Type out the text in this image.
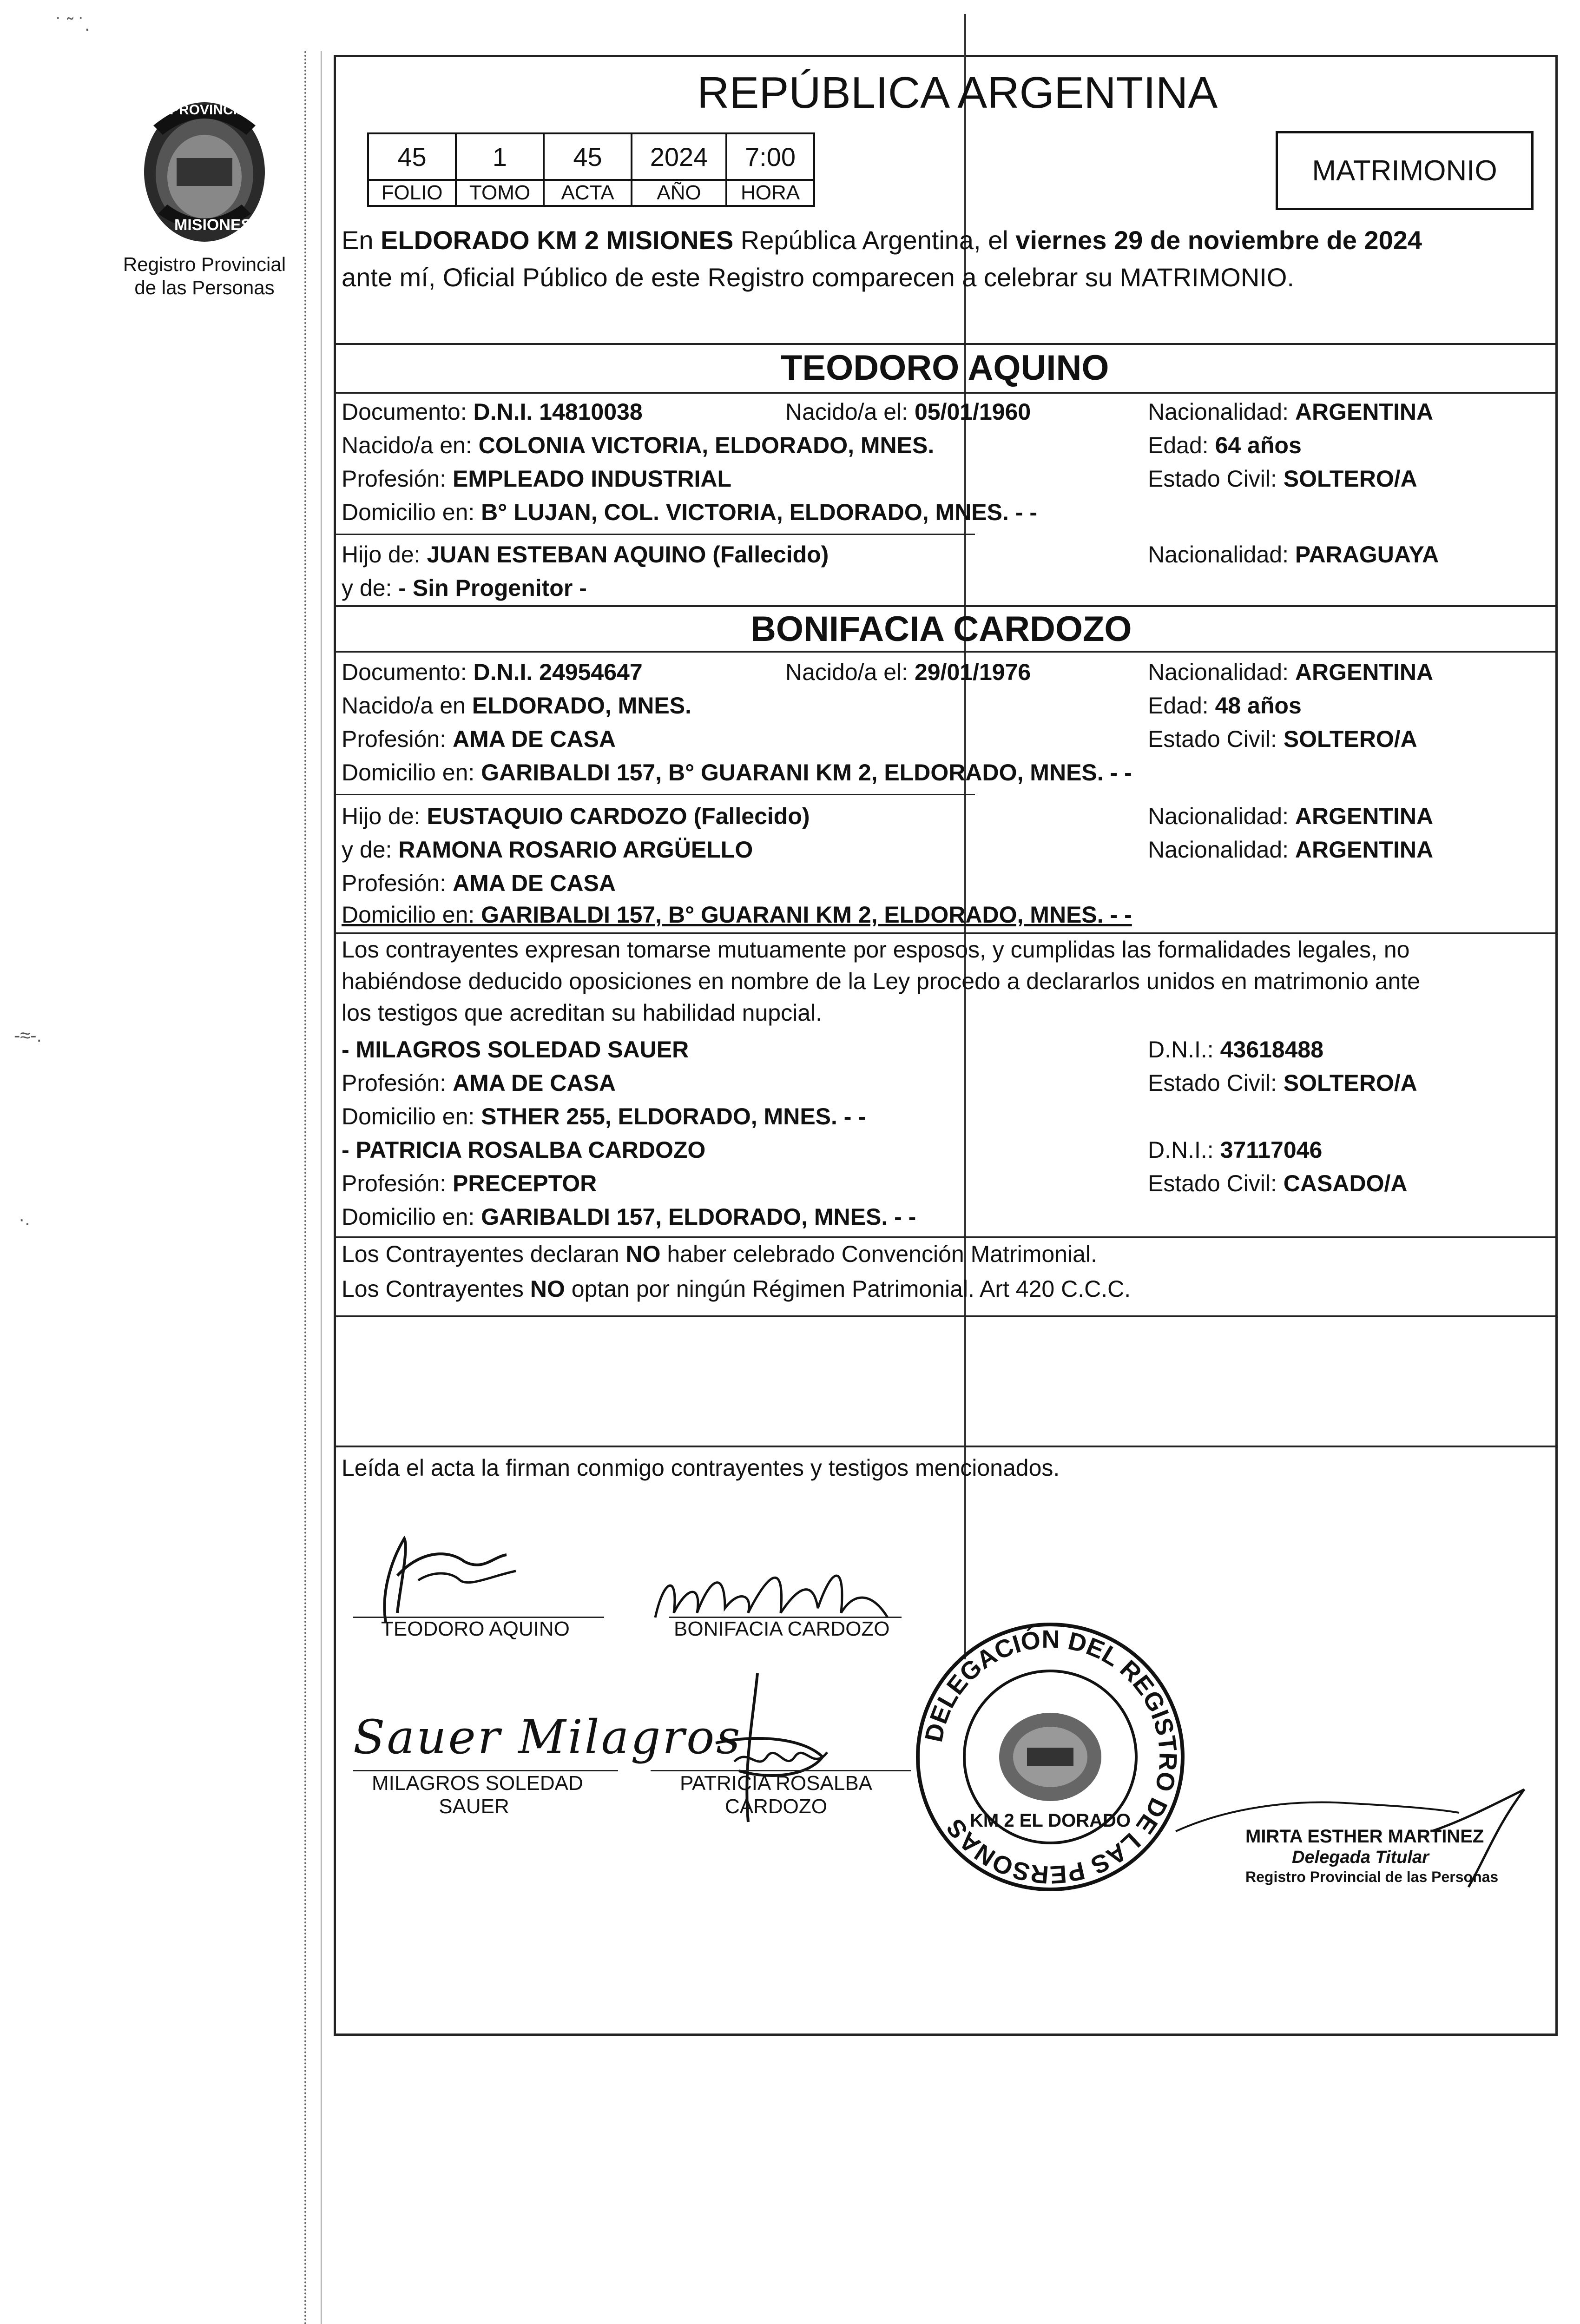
PROVINCIA DE
MISIONES
Registro Provincial
de las Personas
REPÚBLICA ARGENTINA
45	1	45	2024	7:00
FOLIO	TOMO	ACTA	AÑO	HORA
MATRIMONIO
En ELDORADO KM 2 MISIONES República Argentina, el viernes 29 de noviembre de 2024
ante mí, Oficial Público de este Registro comparecen a celebrar su MATRIMONIO.
TEODORO AQUINO
Documento: D.N.I. 14810038	Nacido/a el: 05/01/1960	Nacionalidad: ARGENTINA
Nacido/a en: COLONIA VICTORIA, ELDORADO, MNES.	Edad: 64 años
Profesión: EMPLEADO INDUSTRIAL	Estado Civil: SOLTERO/A
Domicilio en: B° LUJAN, COL. VICTORIA, ELDORADO, MNES. - -
Hijo de: JUAN ESTEBAN AQUINO (Fallecido)	Nacionalidad: PARAGUAYA
y de: - Sin Progenitor -
BONIFACIA CARDOZO
Documento: D.N.I. 24954647	Nacido/a el: 29/01/1976	Nacionalidad: ARGENTINA
Nacido/a en ELDORADO, MNES.	Edad: 48 años
Profesión: AMA DE CASA	Estado Civil: SOLTERO/A
Domicilio en: GARIBALDI 157, B° GUARANI KM 2, ELDORADO, MNES. - -
Hijo de: EUSTAQUIO CARDOZO (Fallecido)	Nacionalidad: ARGENTINA
y de: RAMONA ROSARIO ARGÜELLO	Nacionalidad: ARGENTINA
Profesión: AMA DE CASA
Domicilio en: GARIBALDI 157, B° GUARANI KM 2, ELDORADO, MNES. - -
Los contrayentes expresan tomarse mutuamente por esposos, y cumplidas las formalidades legales, no
habiéndose deducido oposiciones en nombre de la Ley procedo a declararlos unidos en matrimonio ante
los testigos que acreditan su habilidad nupcial.
- MILAGROS SOLEDAD SAUER	D.N.I.: 43618488
Profesión: AMA DE CASA	Estado Civil: SOLTERO/A
Domicilio en: STHER 255, ELDORADO, MNES. - -
- PATRICIA ROSALBA CARDOZO	D.N.I.: 37117046
Profesión: PRECEPTOR	Estado Civil: CASADO/A
Domicilio en: GARIBALDI 157, ELDORADO, MNES. - -
Los Contrayentes declaran NO haber celebrado Convención Matrimonial.
Los Contrayentes NO optan por ningún Régimen Patrimonial. Art 420 C.C.C.
Leída el acta la firman conmigo contrayentes y testigos mencionados.
TEODORO AQUINO	BONIFACIA CARDOZO
Sauer Milagros
MILAGROS SOLEDAD
SAUER
PATRICIA ROSALBA
CARDOZO
DELEGACIÓN DEL REGISTRO DE LAS PERSONAS
KM 2 EL DORADO
MIRTA ESTHER MARTINEZ
Delegada Titular
Registro Provincial de las Personas
˙ ˜ ˙.
-≈-.
·.
